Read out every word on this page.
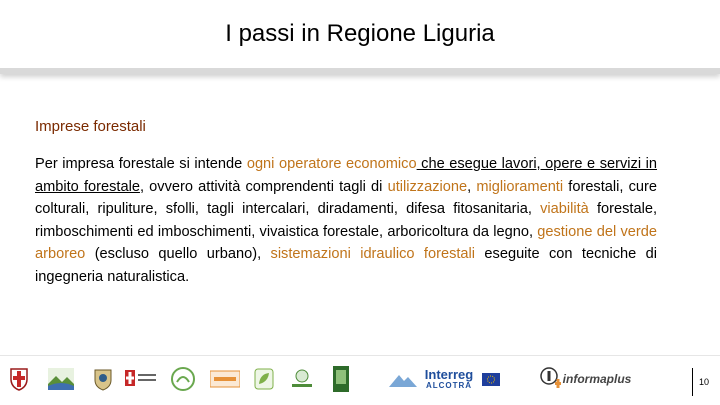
I passi in Regione Liguria
Imprese forestali
Per impresa forestale si intende ogni operatore economico che esegue lavori, opere e servizi in ambito forestale, ovvero attività comprendenti tagli di utilizzazione, miglioramenti forestali, cure colturali, ripuliture, sfolli, tagli intercalari, diradamenti, difesa fitosanitaria, viabilità forestale, rimboschimenti ed imboschimenti, vivaistica forestale, arboricoltura da legno, gestione del verde arboreo (escluso quello urbano), sistemazioni idraulico forestali eseguite con tecniche di ingegneria naturalistica.
Interreg
ALCOTRA	informaplus	10
